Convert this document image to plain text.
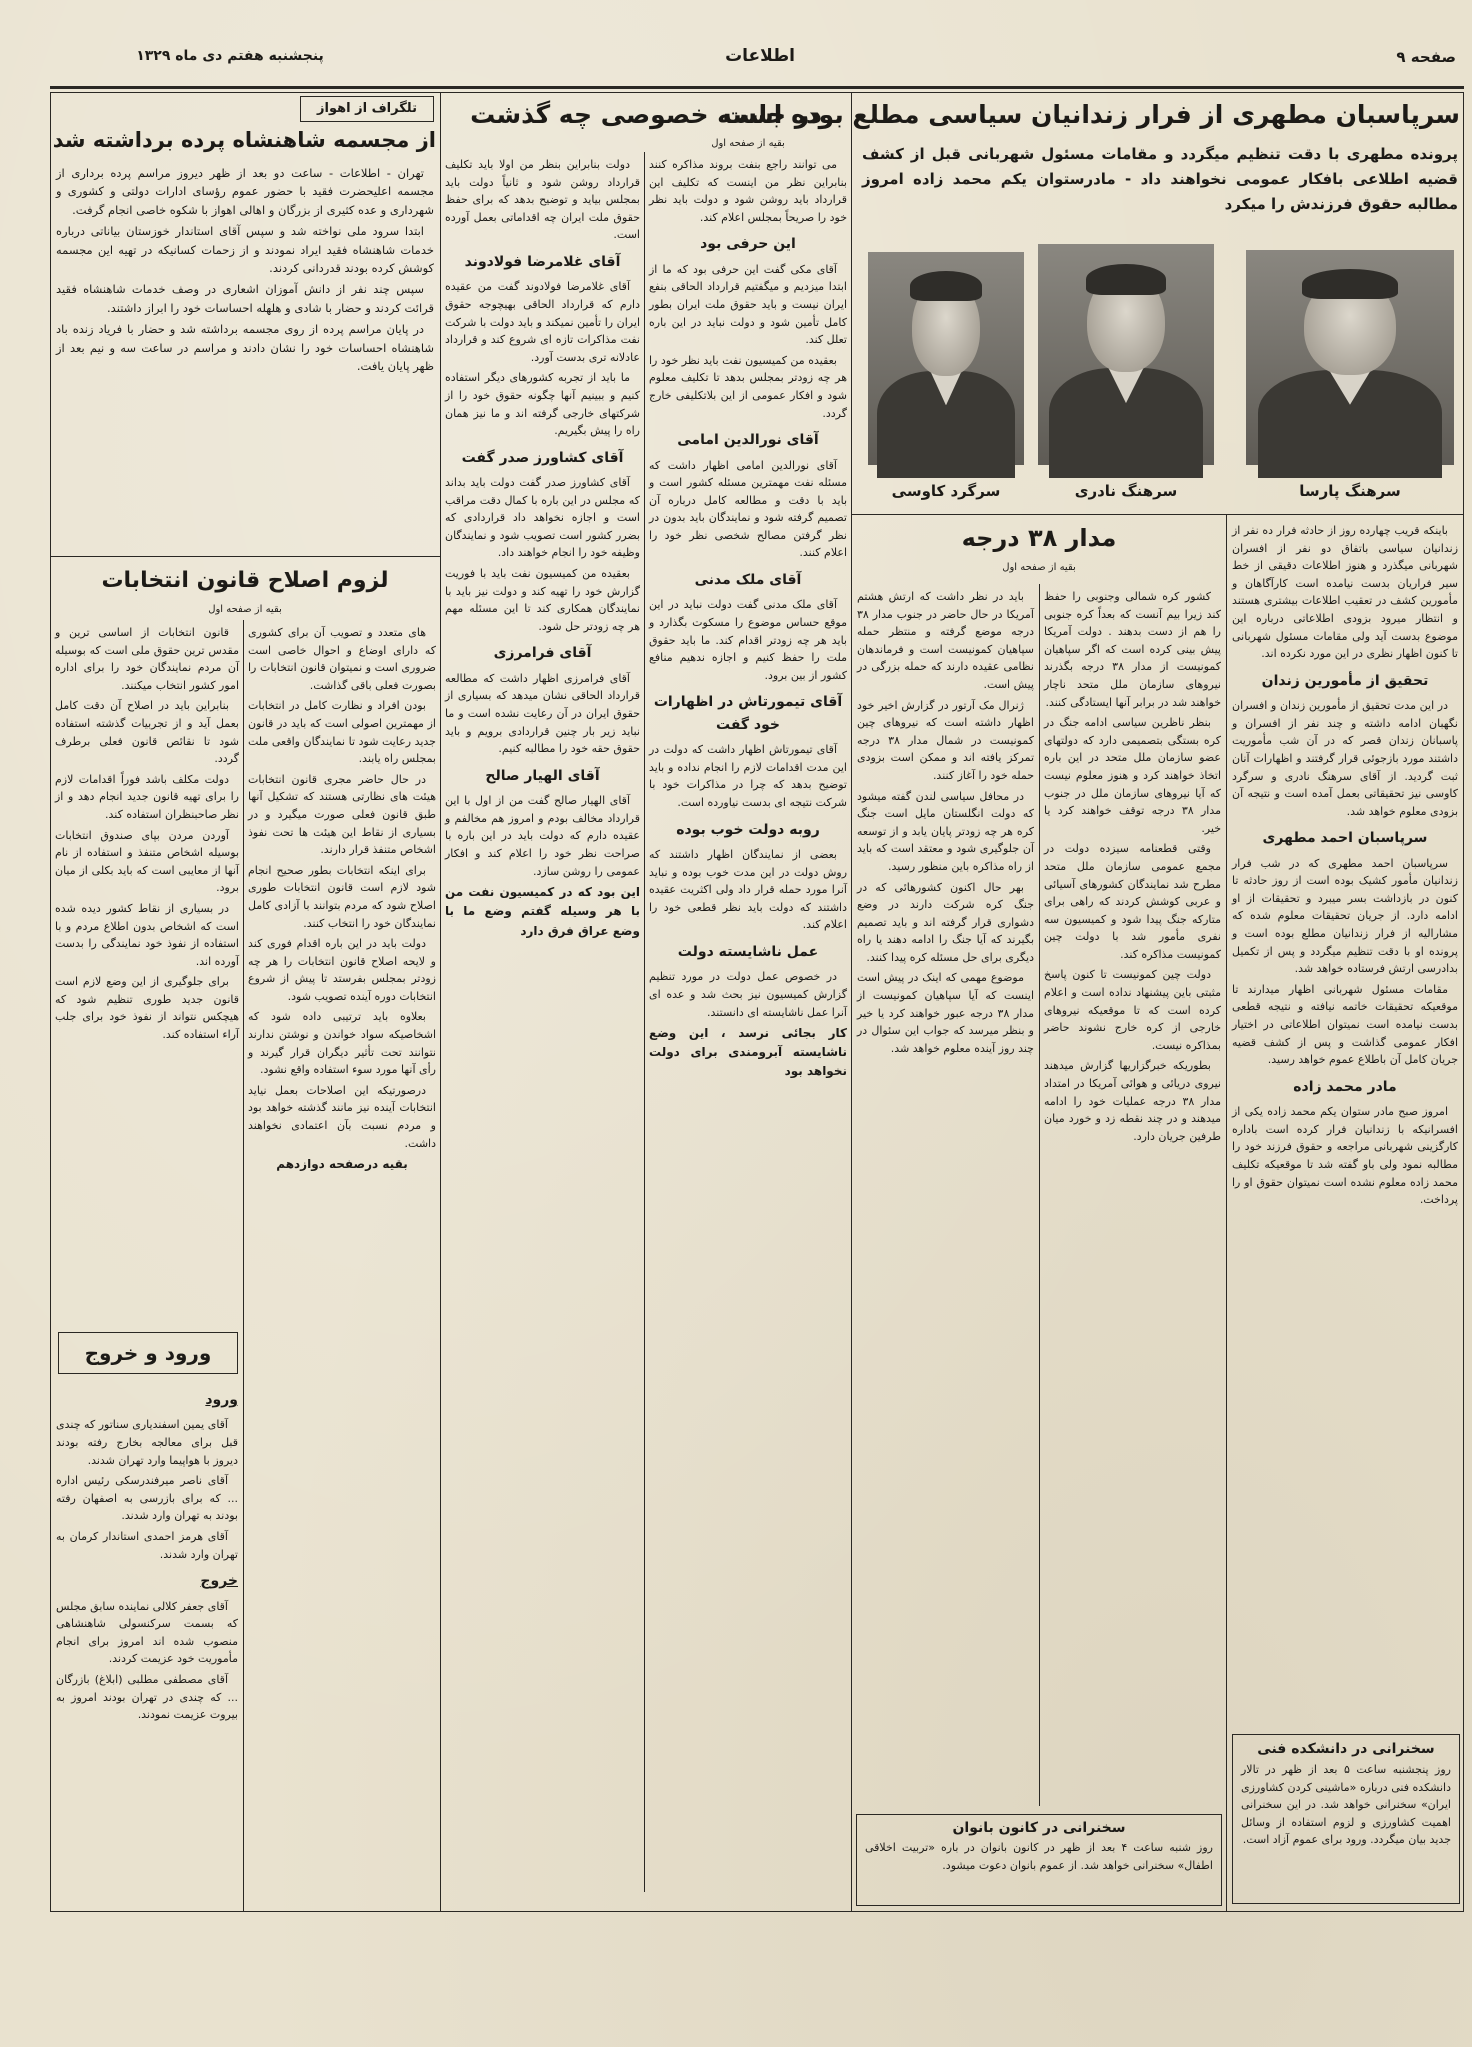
صفحه ۹
اطلاعات
پنجشنبه هفتم دی ماه ۱۳۲۹
سرپاسبان مطهری از فرار زندانیان سیاسی مطلع بوده است
پرونده مطهری با دقت تنظیم میگردد و مقامات مسئول شهربانی قبل از کشف قضیه اطلاعی بافکار عمومی نخواهند داد - مادرستوان یکم محمد زاده امروز مطالبه حقوق فرزندش را میکرد
سرهنگ پارسا
سرهنگ نادری
سرگرد کاوسی

باینکه قریب چهارده روز از حادثه فرار ده نفر از زندانیان سیاسی باتفاق دو نفر از افسران شهربانی میگذرد و هنوز اطلاعات دقیقی از خط سیر فراریان بدست نیامده است کارآگاهان و مأمورین کشف در تعقیب اطلاعات بیشتری هستند و انتظار میرود بزودی اطلاعاتی درباره این موضوع بدست آید ولی مقامات مسئول شهربانی تا کنون اظهار نظری در این مورد نکرده اند.

تحقیق از مأمورین زندان

در این مدت تحقیق از مأمورین زندان و افسران نگهبان ادامه داشته و چند نفر از افسران و پاسبانان زندان قصر که در آن شب مأموریت داشتند مورد بازجوئی قرار گرفتند و اظهارات آنان ثبت گردید. از آقای سرهنگ نادری و سرگرد کاوسی نیز تحقیقاتی بعمل آمده است و نتیجه آن بزودی معلوم خواهد شد.

سرپاسبان احمد مطهری

سرپاسبان احمد مطهری که در شب فرار زندانیان مأمور کشیک بوده است از روز حادثه تا کنون در بازداشت بسر میبرد و تحقیقات از او ادامه دارد. از جریان تحقیقات معلوم شده که مشارالیه از فرار زندانیان مطلع بوده است و پرونده او با دقت تنظیم میگردد و پس از تکمیل بدادرسی ارتش فرستاده خواهد شد.

مقامات مسئول شهربانی اظهار میدارند تا موقعیکه تحقیقات خاتمه نیافته و نتیجه قطعی بدست نیامده است نمیتوان اطلاعاتی در اختیار افکار عمومی گذاشت و پس از کشف قضیه جریان کامل آن باطلاع عموم خواهد رسید.

مادر محمد زاده

امروز صبح مادر ستوان یکم محمد زاده یکی از افسرانیکه با زندانیان فرار کرده است باداره کارگزینی شهربانی مراجعه و حقوق فرزند خود را مطالبه نمود ولی باو گفته شد تا موقعیکه تکلیف محمد زاده معلوم نشده است نمیتوان حقوق او را پرداخت.

سخنرانی در دانشکده فنی
روز پنجشنبه ساعت ۵ بعد از ظهر در تالار دانشکده فنی درباره «ماشینی کردن کشاورزی ایران» سخنرانی خواهد شد. در این سخنرانی اهمیت کشاورزی و لزوم استفاده از وسائل جدید بیان میگردد. ورود برای عموم آزاد است.
مدار ۳۸ درجه
بقیه از صفحه اول

کشور کره شمالی وجنوبی را حفظ کند زیرا بیم آنست که بعداً کره جنوبی را هم از دست بدهند . دولت آمریکا پیش بینی کرده است که اگر سپاهیان کمونیست از مدار ۳۸ درجه بگذرند نیروهای سازمان ملل متحد ناچار خواهند شد در برابر آنها ایستادگی کنند.

بنظر ناظرین سیاسی ادامه جنگ در کره بستگی بتصمیمی دارد که دولتهای عضو سازمان ملل متحد در این باره اتخاذ خواهند کرد و هنوز معلوم نیست که آیا نیروهای سازمان ملل در جنوب مدار ۳۸ درجه توقف خواهند کرد یا خیر.

وقتی قطعنامه سیزده دولت در مجمع عمومی سازمان ملل متحد مطرح شد نمایندگان کشورهای آسیائی و عربی کوشش کردند که راهی برای متارکه جنگ پیدا شود و کمیسیون سه نفری مأمور شد با دولت چین کمونیست مذاکره کند.

دولت چین کمونیست تا کنون پاسخ مثبتی باین پیشنهاد نداده است و اعلام کرده است که تا موقعیکه نیروهای خارجی از کره خارج نشوند حاضر بمذاکره نیست.

بطوریکه خبرگزاریها گزارش میدهند نیروی دریائی و هوائی آمریکا در امتداد مدار ۳۸ درجه عملیات خود را ادامه میدهند و در چند نقطه زد و خورد میان طرفین جریان دارد.

باید در نظر داشت که ارتش هشتم آمریکا در حال حاضر در جنوب مدار ۳۸ درجه موضع گرفته و منتظر حمله سپاهیان کمونیست است و فرماندهان نظامی عقیده دارند که حمله بزرگی در پیش است.

ژنرال مک آرتور در گزارش اخیر خود اظهار داشته است که نیروهای چین کمونیست در شمال مدار ۳۸ درجه تمرکز یافته اند و ممکن است بزودی حمله خود را آغاز کنند.

در محافل سیاسی لندن گفته میشود که دولت انگلستان مایل است جنگ کره هر چه زودتر پایان یابد و از توسعه آن جلوگیری شود و معتقد است که باید از راه مذاکره باین منظور رسید.

بهر حال اکنون کشورهائی که در جنگ کره شرکت دارند در وضع دشواری قرار گرفته اند و باید تصمیم بگیرند که آیا جنگ را ادامه دهند یا راه دیگری برای حل مسئله کره پیدا کنند.

موضوع مهمی که اینک در پیش است اینست که آیا سپاهیان کمونیست از مدار ۳۸ درجه عبور خواهند کرد یا خیر و بنظر میرسد که جواب این سئوال در چند روز آینده معلوم خواهد شد.

سخنرانی در کانون بانوان
روز شنبه ساعت ۴ بعد از ظهر در کانون بانوان در باره «تربیت اخلاقی اطفال» سخنرانی خواهد شد. از عموم بانوان دعوت میشود.
در جلسه خصوصی چه گذشت
بقیه از صفحه اول

می توانند راجع بنفت بروند مذاکره کنند بنابراین نظر من اینست که تکلیف این قرارداد باید روشن شود و دولت باید نظر خود را صریحاً بمجلس اعلام کند.

این حرفی بود

آقای مکی گفت این حرفی بود که ما از ابتدا میزدیم و میگفتیم قرارداد الحاقی بنفع ایران نیست و باید حقوق ملت ایران بطور کامل تأمین شود و دولت نباید در این باره تعلل کند.

بعقیده من کمیسیون نفت باید نظر خود را هر چه زودتر بمجلس بدهد تا تکلیف معلوم شود و افکار عمومی از این بلاتکلیفی خارج گردد.

آقای نورالدین امامی

آقای نورالدین امامی اظهار داشت که مسئله نفت مهمترین مسئله کشور است و باید با دقت و مطالعه کامل درباره آن تصمیم گرفته شود و نمایندگان باید بدون در نظر گرفتن مصالح شخصی نظر خود را اعلام کنند.

آقای ملک مدنی

آقای ملک مدنی گفت دولت نباید در این موقع حساس موضوع را مسکوت بگذارد و باید هر چه زودتر اقدام کند. ما باید حقوق ملت را حفظ کنیم و اجازه ندهیم منافع کشور از بین برود.

آقای تیمورتاش در اظهارات خود گفت

آقای تیمورتاش اظهار داشت که دولت در این مدت اقدامات لازم را انجام نداده و باید توضیح بدهد که چرا در مذاکرات خود با شرکت نتیجه ای بدست نیاورده است.

روبه دولت خوب بوده

بعضی از نمایندگان اظهار داشتند که روش دولت در این مدت خوب بوده و نباید آنرا مورد حمله قرار داد ولی اکثریت عقیده داشتند که دولت باید نظر قطعی خود را اعلام کند.

عمل ناشایسته دولت

در خصوص عمل دولت در مورد تنظیم گزارش کمیسیون نیز بحث شد و عده ای آنرا عمل ناشایسته ای دانستند.

کار بجائی نرسد ، این وضع ناشایسته آبرومندی برای دولت نخواهد بود

دولت بنابراین بنظر من اولا باید تکلیف قرارداد روشن شود و ثانیاً دولت باید بمجلس بیاید و توضیح بدهد که برای حفظ حقوق ملت ایران چه اقداماتی بعمل آورده است.

آقای غلامرضا فولادوند

آقای غلامرضا فولادوند گفت من عقیده دارم که قرارداد الحاقی بهیچوجه حقوق ایران را تأمین نمیکند و باید دولت با شرکت نفت مذاکرات تازه ای شروع کند و قرارداد عادلانه تری بدست آورد.

ما باید از تجربه کشورهای دیگر استفاده کنیم و ببینیم آنها چگونه حقوق خود را از شرکتهای خارجی گرفته اند و ما نیز همان راه را پیش بگیریم.

آقای کشاورز صدر گفت

آقای کشاورز صدر گفت دولت باید بداند که مجلس در این باره با کمال دقت مراقب است و اجازه نخواهد داد قراردادی که بضرر کشور است تصویب شود و نمایندگان وظیفه خود را انجام خواهند داد.

بعقیده من کمیسیون نفت باید با فوریت گزارش خود را تهیه کند و دولت نیز باید با نمایندگان همکاری کند تا این مسئله مهم هر چه زودتر حل شود.

آقای فرامرزی

آقای فرامرزی اظهار داشت که مطالعه قرارداد الحاقی نشان میدهد که بسیاری از حقوق ایران در آن رعایت نشده است و ما نباید زیر بار چنین قراردادی برویم و باید حقوق حقه خود را مطالبه کنیم.

آقای الهیار صالح

آقای الهیار صالح گفت من از اول با این قرارداد مخالف بودم و امروز هم مخالفم و عقیده دارم که دولت باید در این باره با صراحت نظر خود را اعلام کند و افکار عمومی را روشن سازد.

این بود که در کمیسیون نفت من با هر وسیله گفتم وضع ما با وضع عراق فرق دارد
تلگراف از اهواز
از مجسمه شاهنشاه پرده برداشته شد

تهران - اطلاعات - ساعت دو بعد از ظهر دیروز مراسم پرده برداری از مجسمه اعلیحضرت فقید با حضور عموم رؤسای ادارات دولتی و کشوری و شهرداری و عده کثیری از بزرگان و اهالی اهواز با شکوه خاصی انجام گرفت.

ابتدا سرود ملی نواخته شد و سپس آقای استاندار خوزستان بیاناتی درباره خدمات شاهنشاه فقید ایراد نمودند و از زحمات کسانیکه در تهیه این مجسمه کوشش کرده بودند قدردانی کردند.

سپس چند نفر از دانش آموزان اشعاری در وصف خدمات شاهنشاه فقید قرائت کردند و حضار با شادی و هلهله احساسات خود را ابراز داشتند.

در پایان مراسم پرده از روی مجسمه برداشته شد و حضار با فریاد زنده باد شاهنشاه احساسات خود را نشان دادند و مراسم در ساعت سه و نیم بعد از ظهر پایان یافت.

لزوم اصلاح قانون انتخابات
بقیه از صفحه اول

های متعدد و تصویب آن برای کشوری که دارای اوضاع و احوال خاصی است ضروری است و نمیتوان قانون انتخابات را بصورت فعلی باقی گذاشت.

بودن افراد و نظارت کامل در انتخابات از مهمترین اصولی است که باید در قانون جدید رعایت شود تا نمایندگان واقعی ملت بمجلس راه یابند.

در حال حاضر مجری قانون انتخابات هیئت های نظارتی هستند که تشکیل آنها طبق قانون فعلی صورت میگیرد و در بسیاری از نقاط این هیئت ها تحت نفوذ اشخاص متنفذ قرار دارند.

برای اینکه انتخابات بطور صحیح انجام شود لازم است قانون انتخابات طوری اصلاح شود که مردم بتوانند با آزادی کامل نمایندگان خود را انتخاب کنند.

دولت باید در این باره اقدام فوری کند و لایحه اصلاح قانون انتخابات را هر چه زودتر بمجلس بفرستد تا پیش از شروع انتخابات دوره آینده تصویب شود.

بعلاوه باید ترتیبی داده شود که اشخاصیکه سواد خواندن و نوشتن ندارند نتوانند تحت تأثیر دیگران قرار گیرند و رأی آنها مورد سوء استفاده واقع نشود.

درصورتیکه این اصلاحات بعمل نیاید انتخابات آینده نیز مانند گذشته خواهد بود و مردم نسبت بآن اعتمادی نخواهند داشت.

بقیه درصفحه دوازدهم

قانون انتخابات از اساسی ترین و مقدس ترین حقوق ملی است که بوسیله آن مردم نمایندگان خود را برای اداره امور کشور انتخاب میکنند.

بنابراین باید در اصلاح آن دقت کامل بعمل آید و از تجربیات گذشته استفاده شود تا نقائص قانون فعلی برطرف گردد.

دولت مکلف باشد فوراً اقدامات لازم را برای تهیه قانون جدید انجام دهد و از نظر صاحبنظران استفاده کند.

آوردن مردن بپای صندوق انتخابات بوسیله اشخاص متنفذ و استفاده از نام آنها از معایبی است که باید بکلی از میان برود.

در بسیاری از نقاط کشور دیده شده است که اشخاص بدون اطلاع مردم و با استفاده از نفوذ خود نمایندگی را بدست آورده اند.

برای جلوگیری از این وضع لازم است قانون جدید طوری تنظیم شود که هیچکس نتواند از نفوذ خود برای جلب آراء استفاده کند.

ورود و خروج
ورود

آقای یمین اسفندیاری سناتور که چندی قبل برای معالجه بخارج رفته بودند دیروز با هواپیما وارد تهران شدند.

آقای ناصر میرفندرسکی رئیس اداره ... که برای بازرسی به اصفهان رفته بودند به تهران وارد شدند.

آقای هرمز احمدی استاندار کرمان به تهران وارد شدند.

خروج

آقای جعفر کلالی نماینده سابق مجلس که بسمت سرکنسولی شاهنشاهی منصوب شده اند امروز برای انجام مأموریت خود عزیمت کردند.

آقای مصطفی مطلبی (ابلاغ) بازرگان ... که چندی در تهران بودند امروز به بیروت عزیمت نمودند.
